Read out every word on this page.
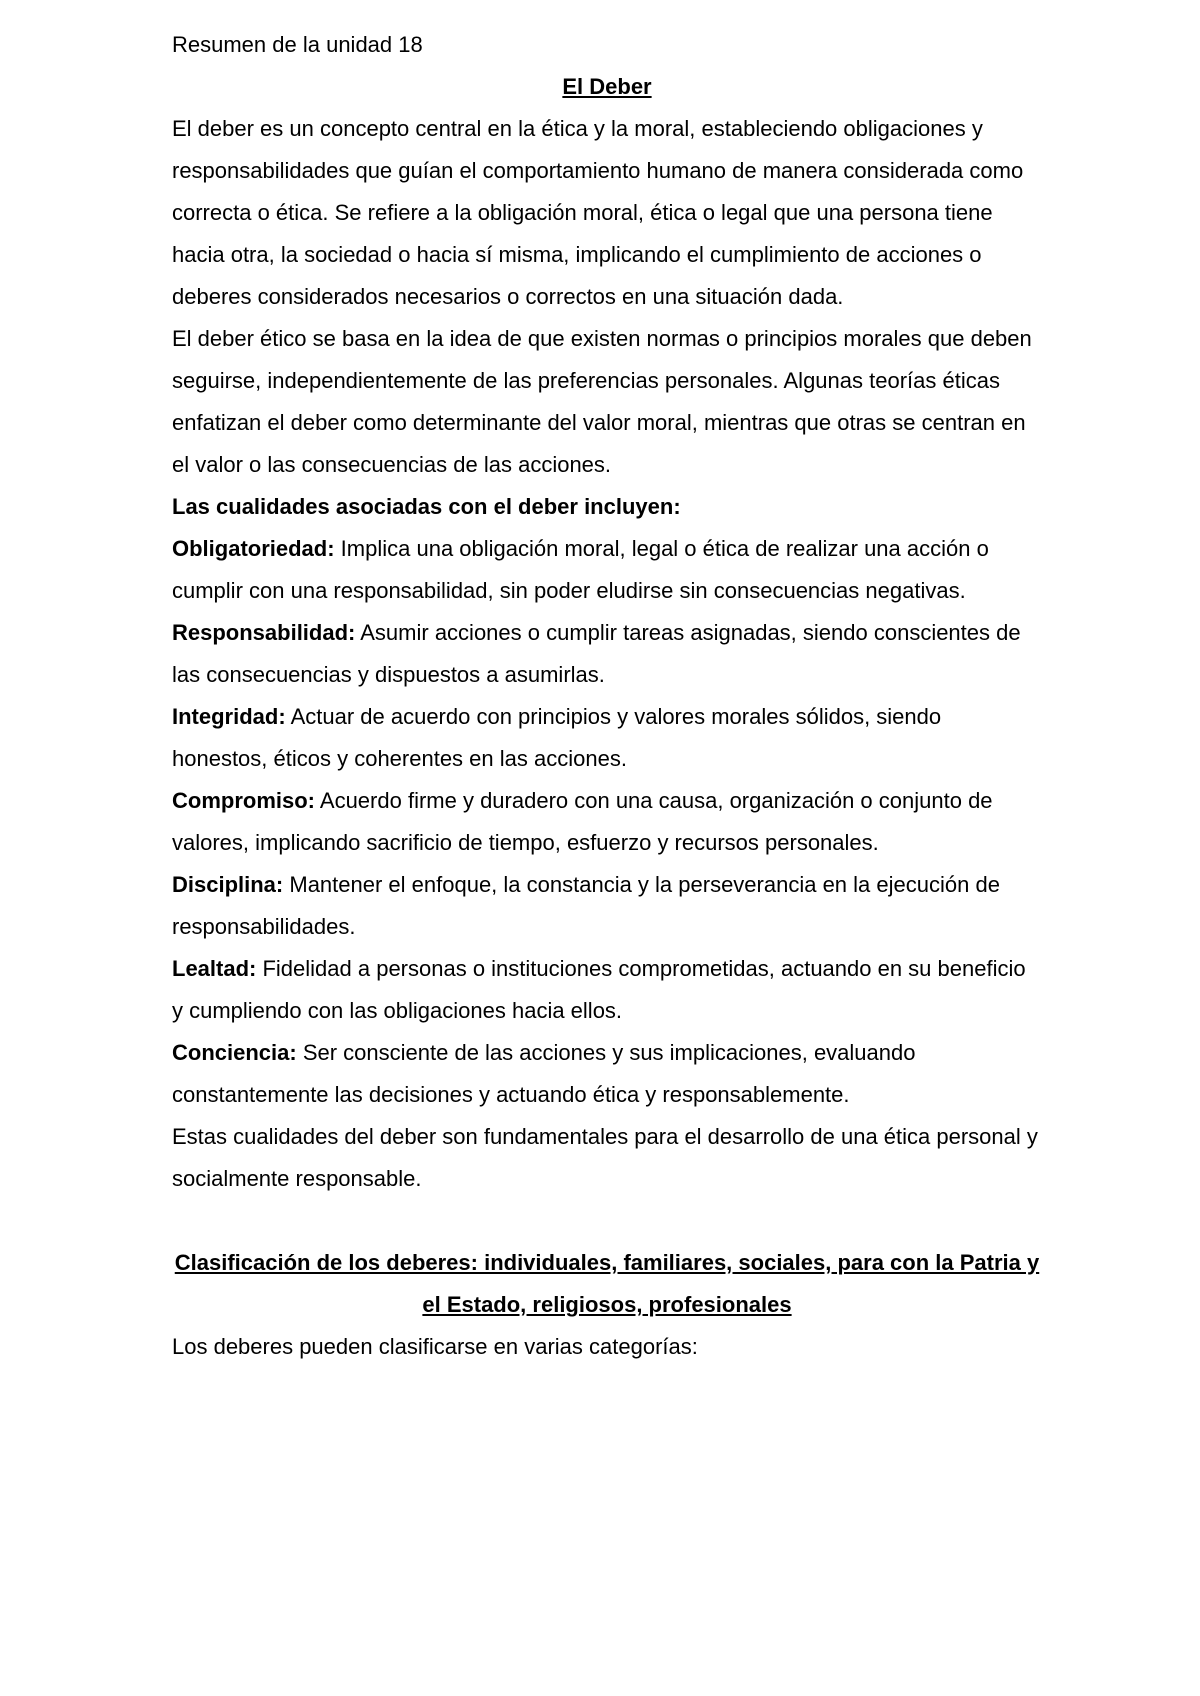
Resumen de la unidad 18

El Deber

El deber es un concepto central en la ética y la moral, estableciendo obligaciones y responsabilidades que guían el comportamiento humano de manera considerada como correcta o ética. Se refiere a la obligación moral, ética o legal que una persona tiene hacia otra, la sociedad o hacia sí misma, implicando el cumplimiento de acciones o deberes considerados necesarios o correctos en una situación dada.

El deber ético se basa en la idea de que existen normas o principios morales que deben seguirse, independientemente de las preferencias personales. Algunas teorías éticas enfatizan el deber como determinante del valor moral, mientras que otras se centran en el valor o las consecuencias de las acciones.

Las cualidades asociadas con el deber incluyen:

Obligatoriedad: Implica una obligación moral, legal o ética de realizar una acción o cumplir con una responsabilidad, sin poder eludirse sin consecuencias negativas.

Responsabilidad: Asumir acciones o cumplir tareas asignadas, siendo conscientes de las consecuencias y dispuestos a asumirlas.

Integridad: Actuar de acuerdo con principios y valores morales sólidos, siendo honestos, éticos y coherentes en las acciones.

Compromiso: Acuerdo firme y duradero con una causa, organización o conjunto de valores, implicando sacrificio de tiempo, esfuerzo y recursos personales.

Disciplina: Mantener el enfoque, la constancia y la perseverancia en la ejecución de responsabilidades.

Lealtad: Fidelidad a personas o instituciones comprometidas, actuando en su beneficio y cumpliendo con las obligaciones hacia ellos.

Conciencia: Ser consciente de las acciones y sus implicaciones, evaluando constantemente las decisiones y actuando ética y responsablemente.

Estas cualidades del deber son fundamentales para el desarrollo de una ética personal y socialmente responsable.

Clasificación de los deberes: individuales, familiares, sociales, para con la Patria y el Estado, religiosos, profesionales

Los deberes pueden clasificarse en varias categorías:
